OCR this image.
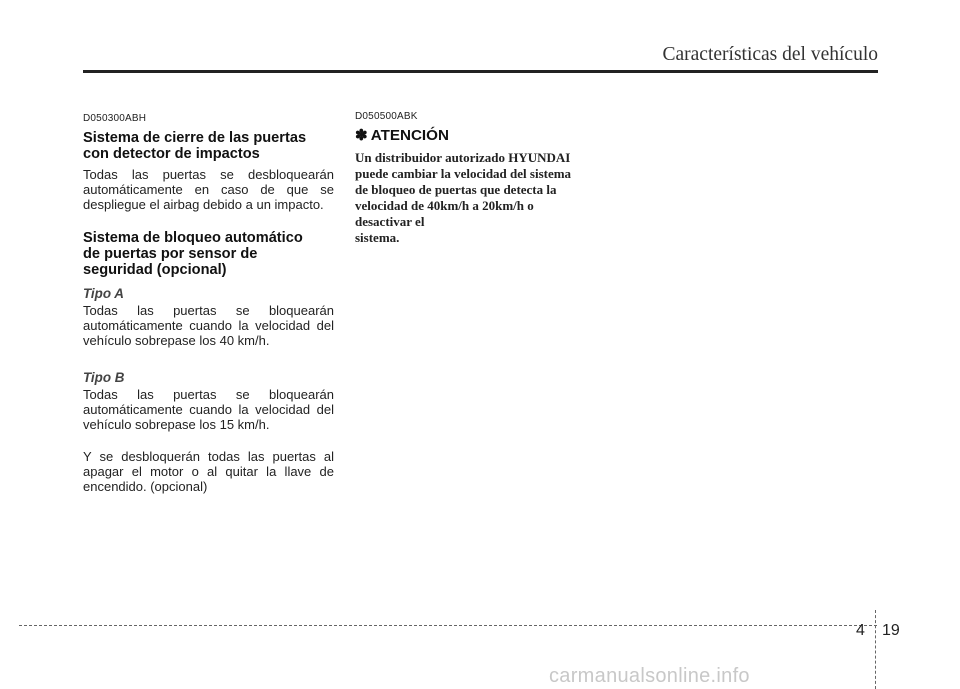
Características del vehículo

D050300ABH

Sistema de cierre de las puertas
con detector de impactos

Todas las puertas se desbloquearán automáticamente en caso de que se despliegue el airbag debido a un impacto.

Sistema de bloqueo automático
de puertas por sensor de
seguridad (opcional)

Tipo A

Todas las puertas se bloquearán automáticamente cuando la velocidad del vehículo sobrepase los 40 km/h.

Tipo B

Todas las puertas se bloquearán automáticamente cuando la velocidad del vehículo sobrepase los 15 km/h.

Y se desbloquerán todas las puertas al apagar el motor o al quitar la llave de encendido. (opcional)

D050500ABK

✽ ATENCIÓN
Un distribuidor autorizado HYUNDAI
puede cambiar la velocidad del sistema
de bloqueo de puertas que detecta la
velocidad de 40km/h a 20km/h o
desactivar el
sistema.
4 19
carmanualsonline.info
